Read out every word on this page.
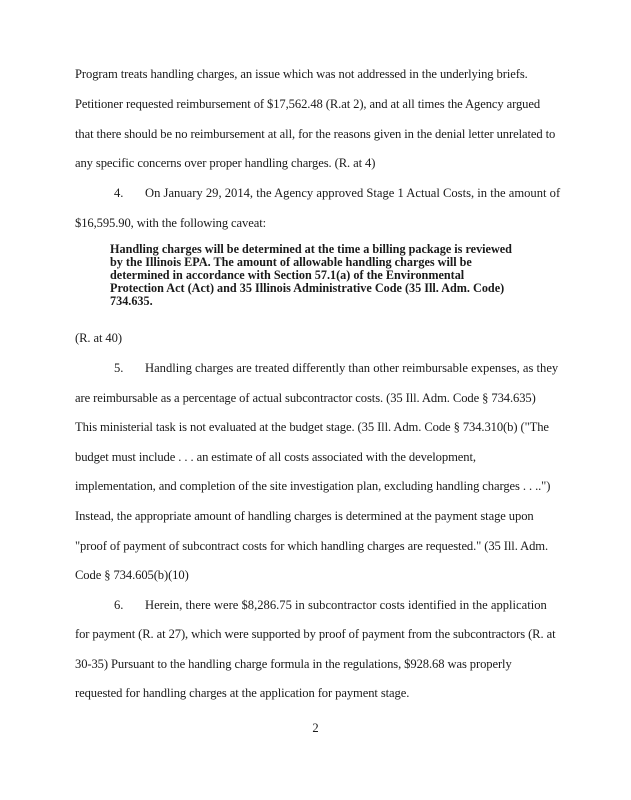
Program treats handling charges, an issue which was not addressed in the underlying briefs.
Petitioner requested reimbursement of $17,562.48 (R.at 2), and at all times the Agency argued
that there should be no reimbursement at all, for the reasons given in the denial letter unrelated to
any specific concerns over proper handling charges. (R. at 4)
4. On January 29, 2014, the Agency approved Stage 1 Actual Costs, in the amount of
$16,595.90, with the following caveat:
Handling charges will be determined at the time a billing package is reviewed
by the Illinois EPA. The amount of allowable handling charges will be
determined in accordance with Section 57.1(a) of the Environmental
Protection Act (Act) and 35 Illinois Administrative Code (35 Ill. Adm. Code)
734.635.
(R. at 40)
5. Handling charges are treated differently than other reimbursable expenses, as they
are reimbursable as a percentage of actual subcontractor costs. (35 Ill. Adm. Code § 734.635)
This ministerial task is not evaluated at the budget stage. (35 Ill. Adm. Code § 734.310(b) ("The
budget must include . . . an estimate of all costs associated with the development,
implementation, and completion of the site investigation plan, excluding handling charges . . ..")
Instead, the appropriate amount of handling charges is determined at the payment stage upon
"proof of payment of subcontract costs for which handling charges are requested." (35 Ill. Adm.
Code § 734.605(b)(10)
6. Herein, there were $8,286.75 in subcontractor costs identified in the application
for payment (R. at 27), which were supported by proof of payment from the subcontractors (R. at
30-35) Pursuant to the handling charge formula in the regulations, $928.68 was properly
requested for handling charges at the application for payment stage.
2
